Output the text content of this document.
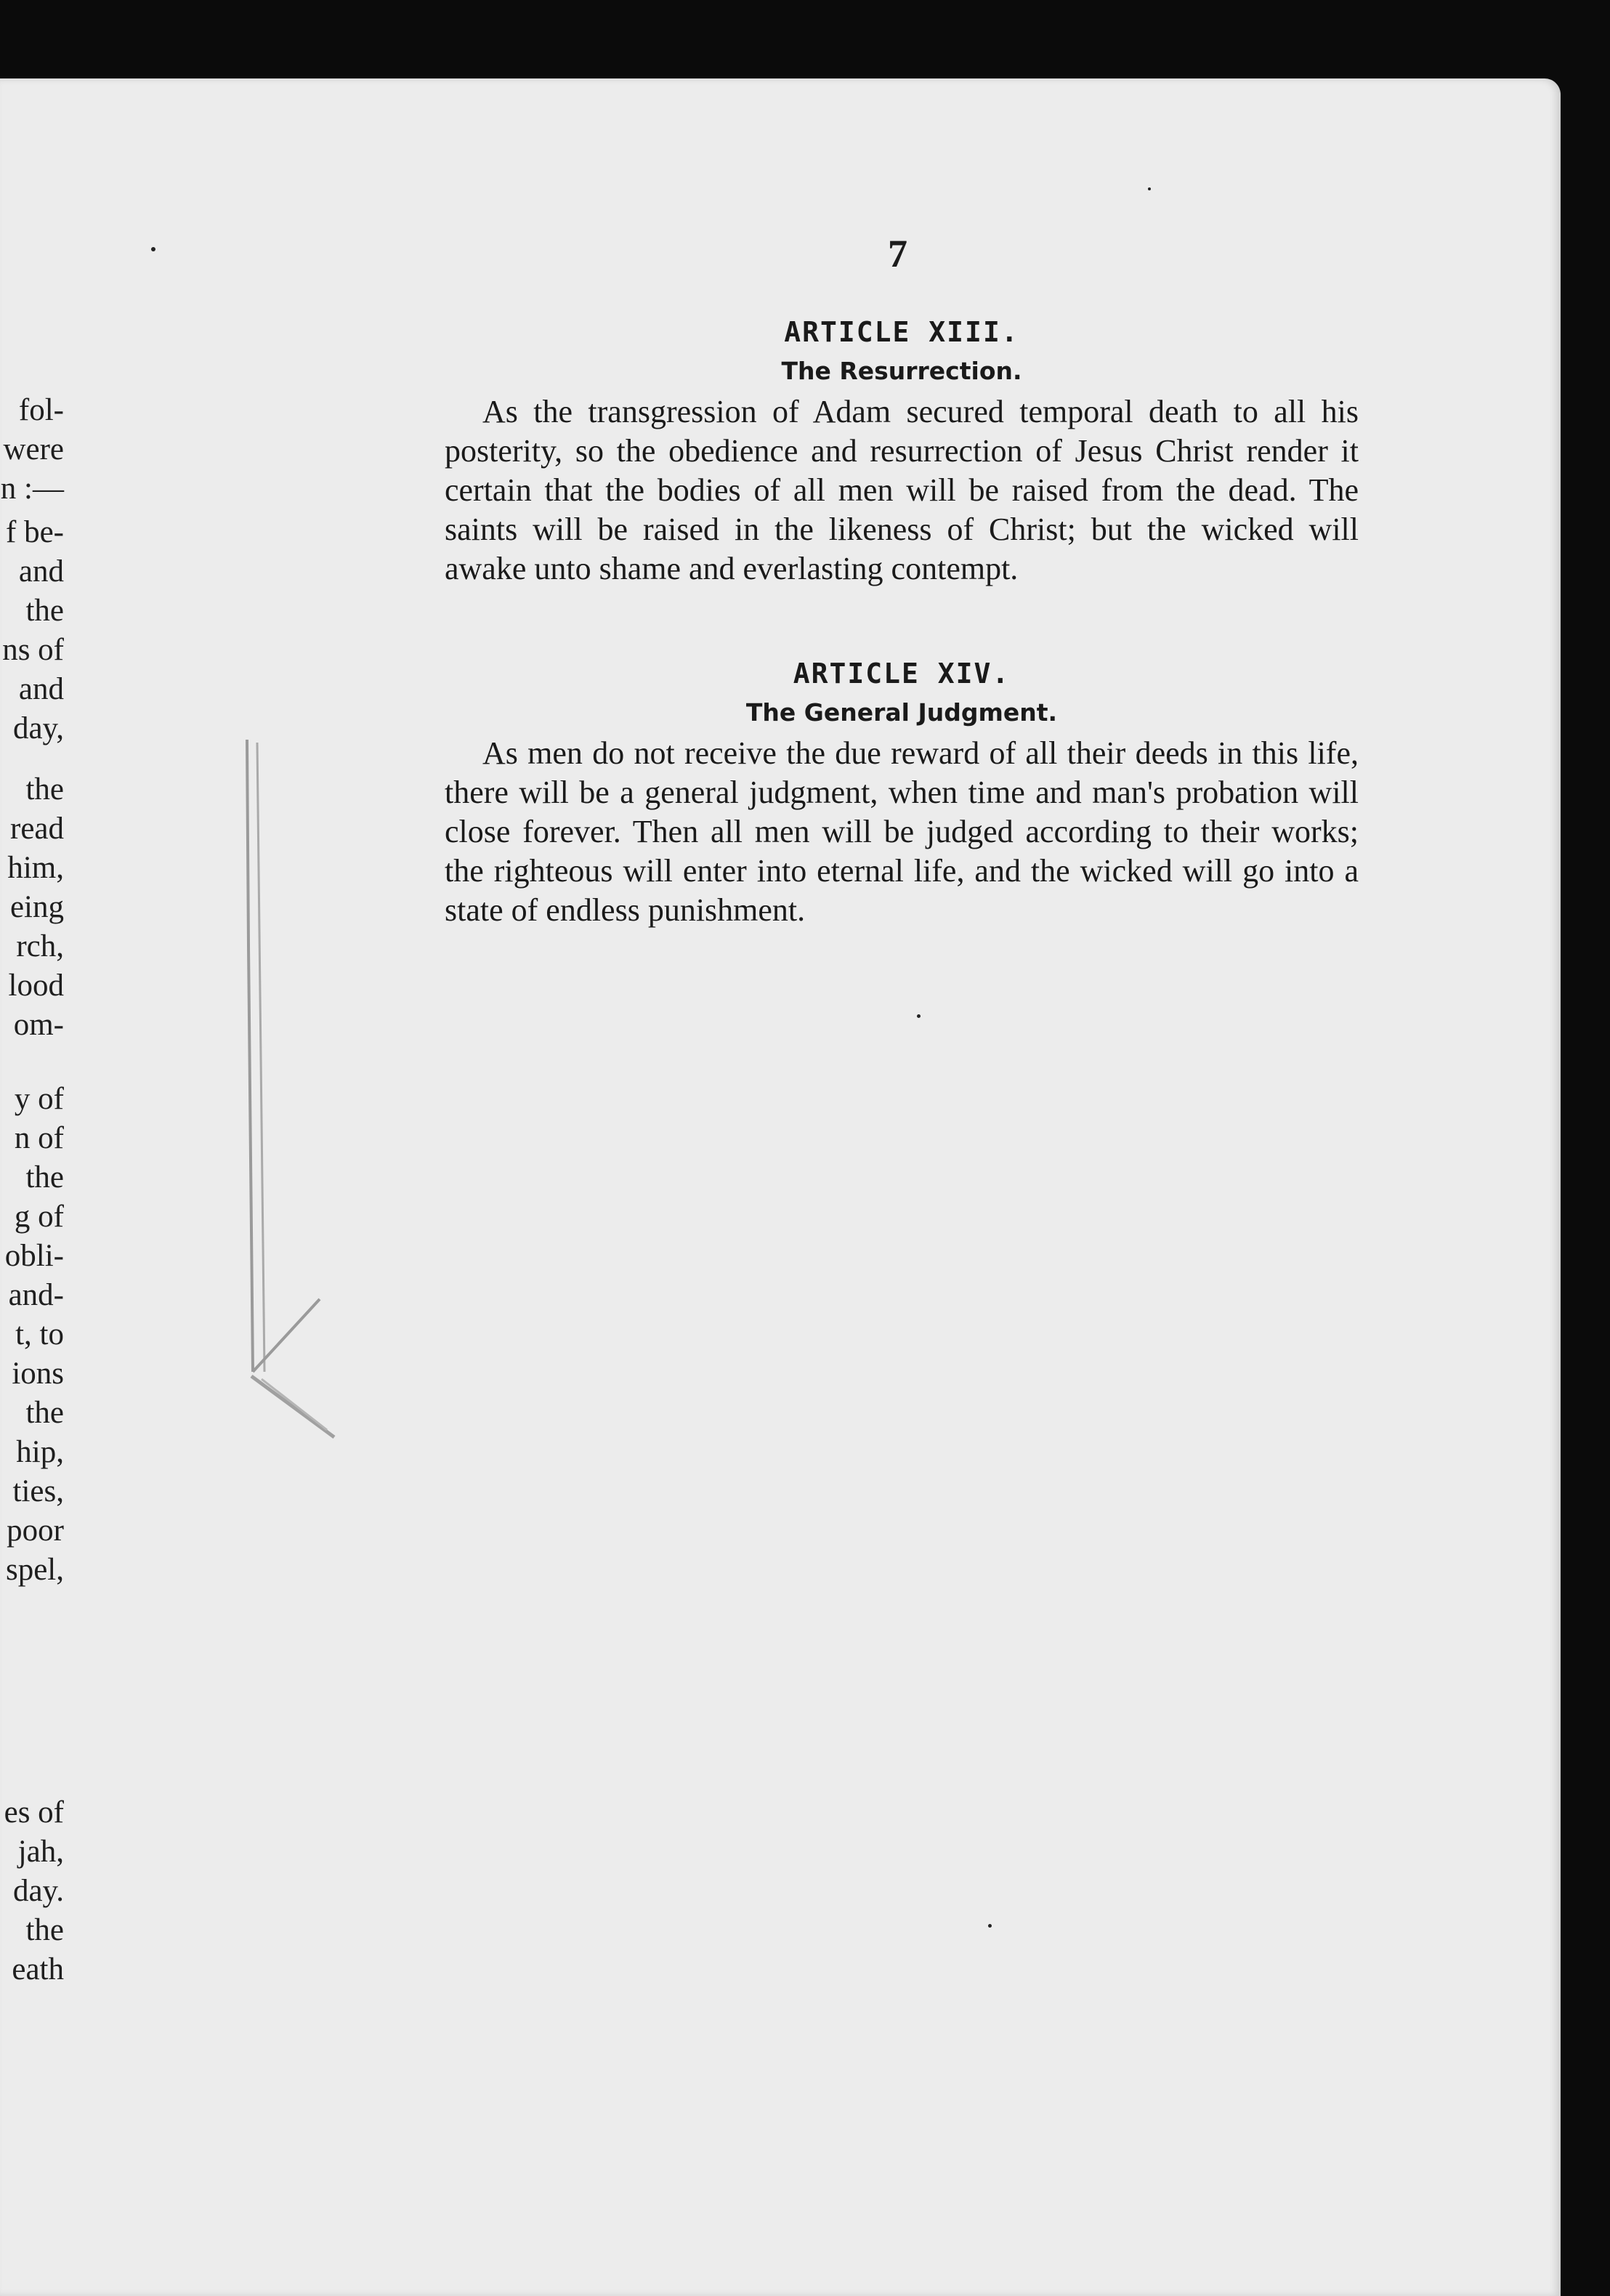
fol-
were
n :—
f be-
and
the
ns of
and
day,
the
read
him,
eing
rch,
lood
om-
y of
n of
the
g of
obli-
and-
t, to
ions
the
hip,
ties,
poor
spel,
es of
jah,
day.
the
eath
7

ARTICLE XIII.

The Resurrection.

As the transgression of Adam secured temporal death to all his posterity, so the obedience and resurrection of Jesus Christ render it certain that the bodies of all men will be raised from the dead. The saints will be raised in the likeness of Christ; but the wicked will awake unto shame and everlasting contempt.

ARTICLE XIV.

The General Judgment.

As men do not receive the due reward of all their deeds in this life, there will be a general judgment, when time and man's probation will close forever. Then all men will be judged according to their works; the righteous will enter into eternal life, and the wicked will go into a state of endless punishment.
